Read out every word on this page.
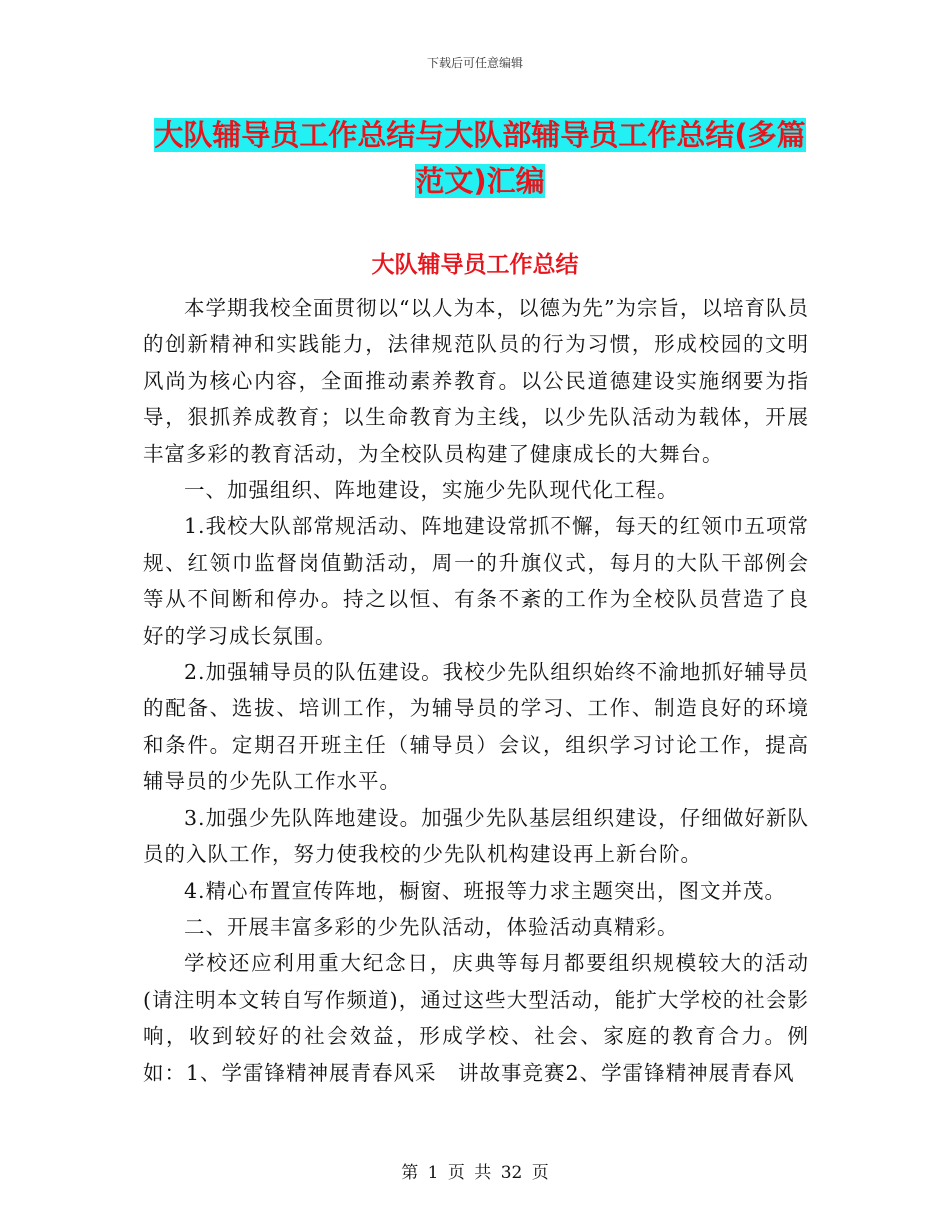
下载后可任意编辑
大队辅导员工作总结与大队部辅导员工作总结(多篇范文)汇编
大队辅导员工作总结

本学期我校全面贯彻以“以人为本，以德为先”为宗旨，以培育队员的创新精神和实践能力，法律规范队员的行为习惯，形成校园的文明风尚为核心内容，全面推动素养教育。以公民道德建设实施纲要为指导，狠抓养成教育；以生命教育为主线，以少先队活动为载体，开展丰富多彩的教育活动，为全校队员构建了健康成长的大舞台。

一、加强组织、阵地建设，实施少先队现代化工程。

1.我校大队部常规活动、阵地建设常抓不懈，每天的红领巾五项常规、红领巾监督岗值勤活动，周一的升旗仪式，每月的大队干部例会等从不间断和停办。持之以恒、有条不紊的工作为全校队员营造了良好的学习成长氛围。

2.加强辅导员的队伍建设。我校少先队组织始终不渝地抓好辅导员的配备、选拔、培训工作，为辅导员的学习、工作、制造良好的环境和条件。定期召开班主任（辅导员）会议，组织学习讨论工作，提高辅导员的少先队工作水平。

3.加强少先队阵地建设。加强少先队基层组织建设，仔细做好新队员的入队工作，努力使我校的少先队机构建设再上新台阶。

4.精心布置宣传阵地，橱窗、班报等力求主题突出，图文并茂。

二、开展丰富多彩的少先队活动，体验活动真精彩。

学校还应利用重大纪念日，庆典等每月都要组织规模较大的活动(请注明本文转自写作频道)，通过这些大型活动，能扩大学校的社会影响，收到较好的社会效益，形成学校、社会、家庭的教育合力。例如：1、学雷锋精神展青春风采　讲故事竞赛2、学雷锋精神展青春风

第 1 页 共 32 页
